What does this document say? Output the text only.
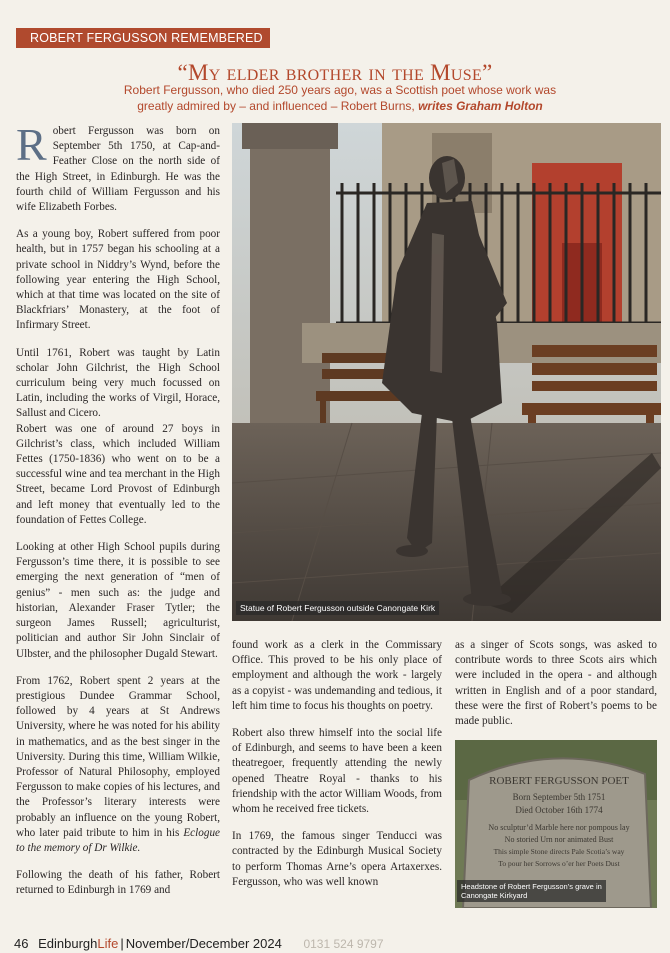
ROBERT FERGUSSON REMEMBERED
“My elder brother in the Muse”
Robert Fergusson, who died 250 years ago, was a Scottish poet whose work was greatly admired by – and influenced – Robert Burns, writes Graham Holton

Robert Fergusson was born on September 5th 1750, at Cap-and-Feather Close on the north side of the High Street, in Edinburgh. He was the fourth child of William Fergusson and his wife Elizabeth Forbes.

As a young boy, Robert suffered from poor health, but in 1757 began his schooling at a private school in Niddry’s Wynd, before the following year entering the High School, which at that time was located on the site of Blackfriars’ Monastery, at the foot of Infirmary Street.

Until 1761, Robert was taught by Latin scholar John Gilchrist, the High School curriculum being very much focussed on Latin, including the works of Virgil, Horace, Sallust and Cicero.

Robert was one of around 27 boys in Gilchrist’s class, which included William Fettes (1750-1836) who went on to be a successful wine and tea merchant in the High Street, became Lord Provost of Edinburgh and left money that eventually led to the foundation of Fettes College.

Looking at other High School pupils during Fergusson’s time there, it is possible to see emerging the next generation of “men of genius” - men such as: the judge and historian, Alexander Fraser Tytler; the surgeon James Russell; agriculturist, politician and author Sir John Sinclair of Ulbster, and the philosopher Dugald Stewart.

From 1762, Robert spent 2 years at the prestigious Dundee Grammar School, followed by 4 years at St Andrews University, where he was noted for his ability in mathematics, and as the best singer in the University. During this time, William Wilkie, Professor of Natural Philosophy, employed Fergusson to make copies of his lectures, and the Professor’s literary interests were probably an influence on the young Robert, who later paid tribute to him in his Eclogue to the memory of Dr Wilkie.

Following the death of his father, Robert returned to Edinburgh in 1769 and

Statue of Robert Fergusson outside Canongate Kirk

found work as a clerk in the Commissary Office. This proved to be his only place of employment and although the work - largely as a copyist - was undemanding and tedious, it left him time to focus his thoughts on poetry.

Robert also threw himself into the social life of Edinburgh, and seems to have been a keen theatregoer, frequently attending the newly opened Theatre Royal - thanks to his friendship with the actor William Woods, from whom he received free tickets.

In 1769, the famous singer Tenducci was contracted by the Edinburgh Musical Society to perform Thomas Arne’s opera Artaxerxes. Fergusson, who was well known

as a singer of Scots songs, was asked to contribute words to three Scots airs which were included in the opera - and although written in English and of a poor standard, these were the first of Robert’s poems to be made public.

ROBERT FERGUSSON POET
Born September 5th 1751
Died October 16th 1774
No sculptur’d Marble here nor pompous lay
No storied Urn nor animated Bust
This simple Stone directs Pale Scotia’s way
To pour her Sorrows o’er her Poets Dust
Headstone of Robert Fergusson’s grave in
Canongate Kirkyard
46 EdinburghLife | November/December 2024 0131 524 9797
